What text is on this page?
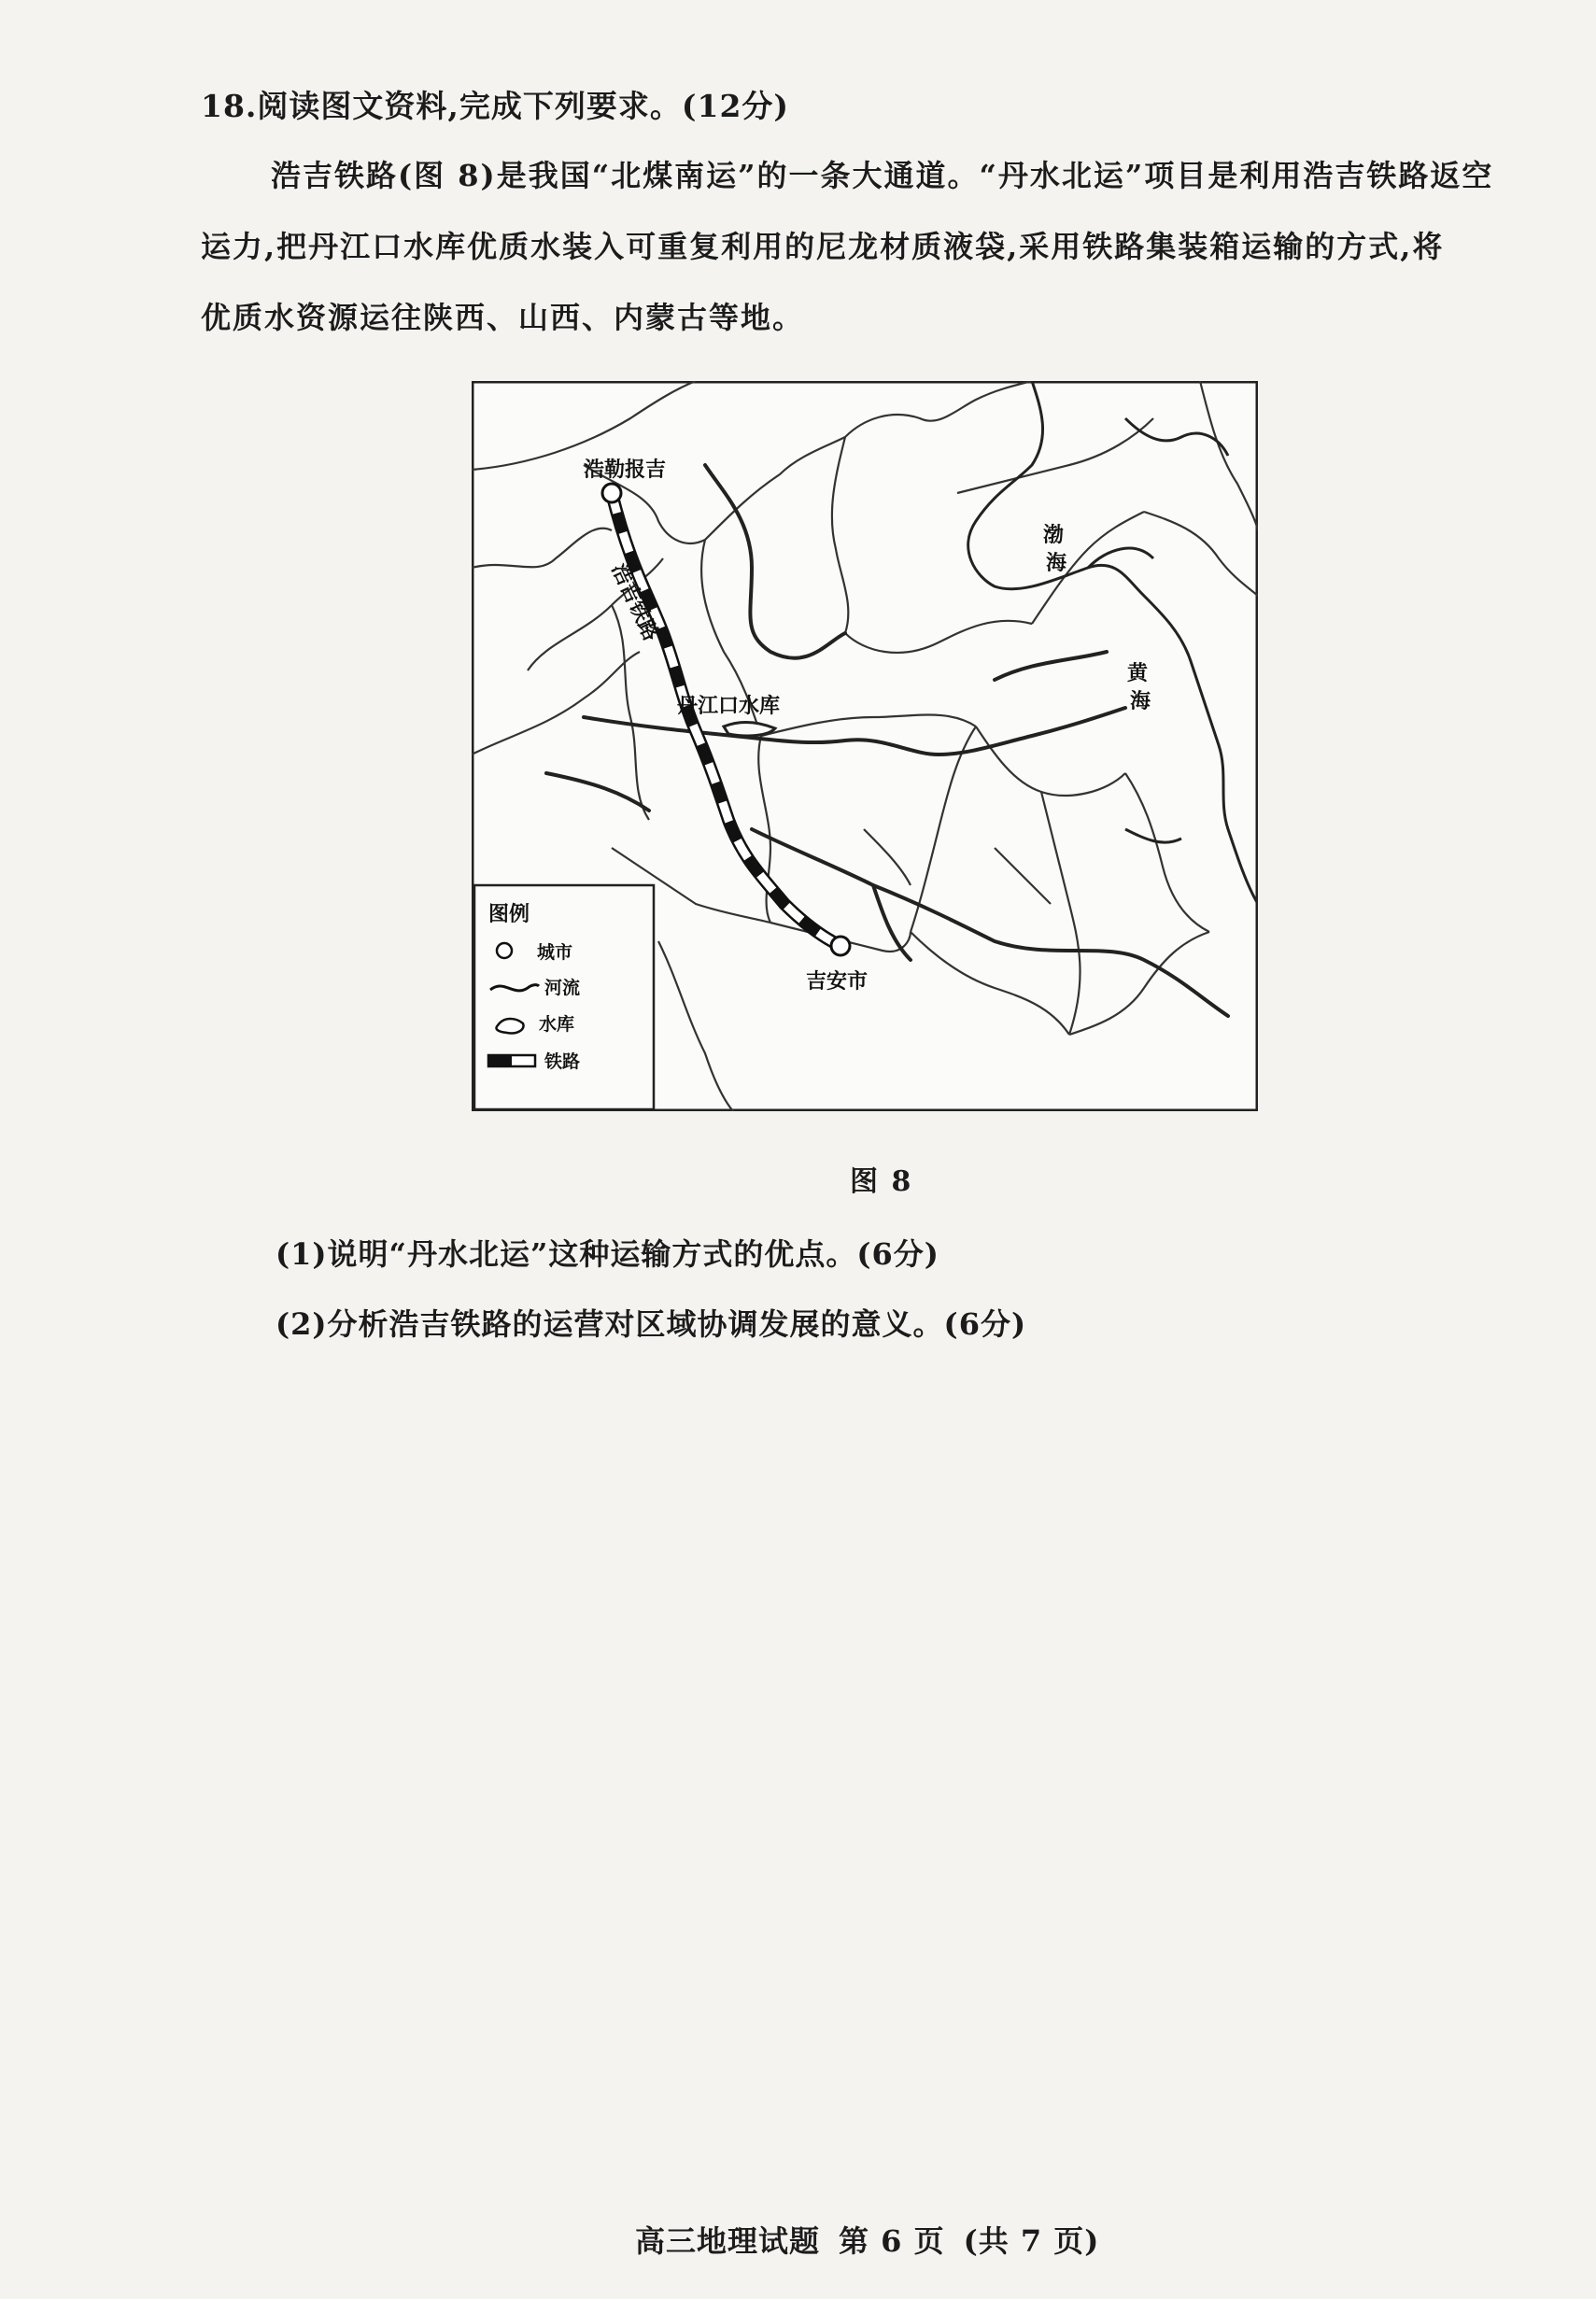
18.阅读图文资料,完成下列要求。(12分)
浩吉铁路(图 8)是我国“北煤南运”的一条大通道。“丹水北运”项目是利用浩吉铁路返空
运力,把丹江口水库优质水装入可重复利用的尼龙材质液袋,采用铁路集装箱运输的方式,将
优质水资源运往陕西、山西、内蒙古等地。
浩勒报吉
吉安市
丹江口水库
浩吉铁路
渤
海
黄
海
图例
城市
河流
水库
铁路
图 8
(1)说明“丹水北运”这种运输方式的优点。(6分)
(2)分析浩吉铁路的运营对区域协调发展的意义。(6分)
高三地理试题 第 6 页 (共 7 页)
